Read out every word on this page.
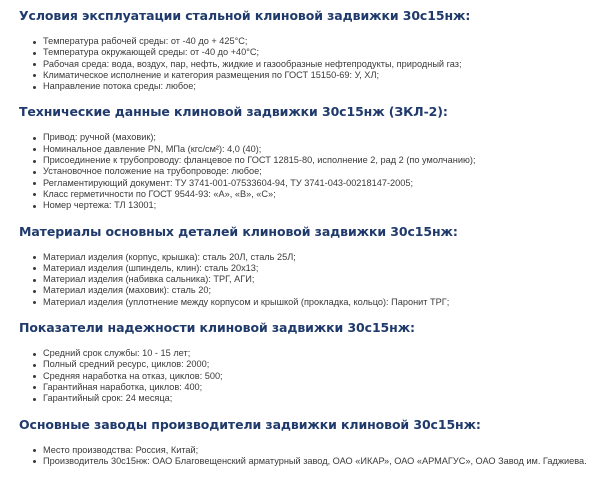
Условия эксплуатации стальной клиновой задвижки 30с15нж:
Температура рабочей среды: от -40 до + 425°С;
Температура окружающей среды: от -40 до +40°С;
Рабочая среда: вода, воздух, пар, нефть, жидкие и газообразные нефтепродукты, природный газ;
Климатическое исполнение и категория размещения по ГОСТ 15150-69: У, ХЛ;
Направление потока среды: любое;
Технические данные клиновой задвижки 30с15нж (ЗКЛ-2):
Привод: ручной (маховик);
Номинальное давление PN, МПа (кгс/см²): 4,0 (40);
Присоединение к трубопроводу: фланцевое по ГОСТ 12815-80, исполнение 2, рад 2 (по умолчанию);
Установочное положение на трубопроводе: любое;
Регламентирующий документ: ТУ 3741-001-07533604-94, ТУ 3741-043-00218147-2005;
Класс герметичности по ГОСТ 9544-93: «А», «В», «С»;
Номер чертежа: ТЛ 13001;
Материалы основных деталей клиновой задвижки 30с15нж:
Материал изделия (корпус, крышка): сталь 20Л, сталь 25Л;
Материал изделия (шпиндель, клин): сталь 20х13;
Материал изделия (набивка сальника): ТРГ, АГИ;
Материал изделия (маховик): сталь 20;
Материал изделия (уплотнение между корпусом и крышкой (прокладка, кольцо): Паронит ТРГ;
Показатели надежности клиновой задвижки 30с15нж:
Средний срок службы: 10 - 15 лет;
Полный средний ресурс, циклов: 2000;
Средняя наработка на отказ, циклов: 500;
Гарантийная наработка, циклов: 400;
Гарантийный срок: 24 месяца;
Основные заводы производители задвижки клиновой 30с15нж:
Место производства: Россия, Китай;
Производитель 30с15нж: ОАО Благовещенский арматурный завод, ОАО «ИКАР», ОАО «АРМАГУС», ОАО Завод им. Гаджиева.
